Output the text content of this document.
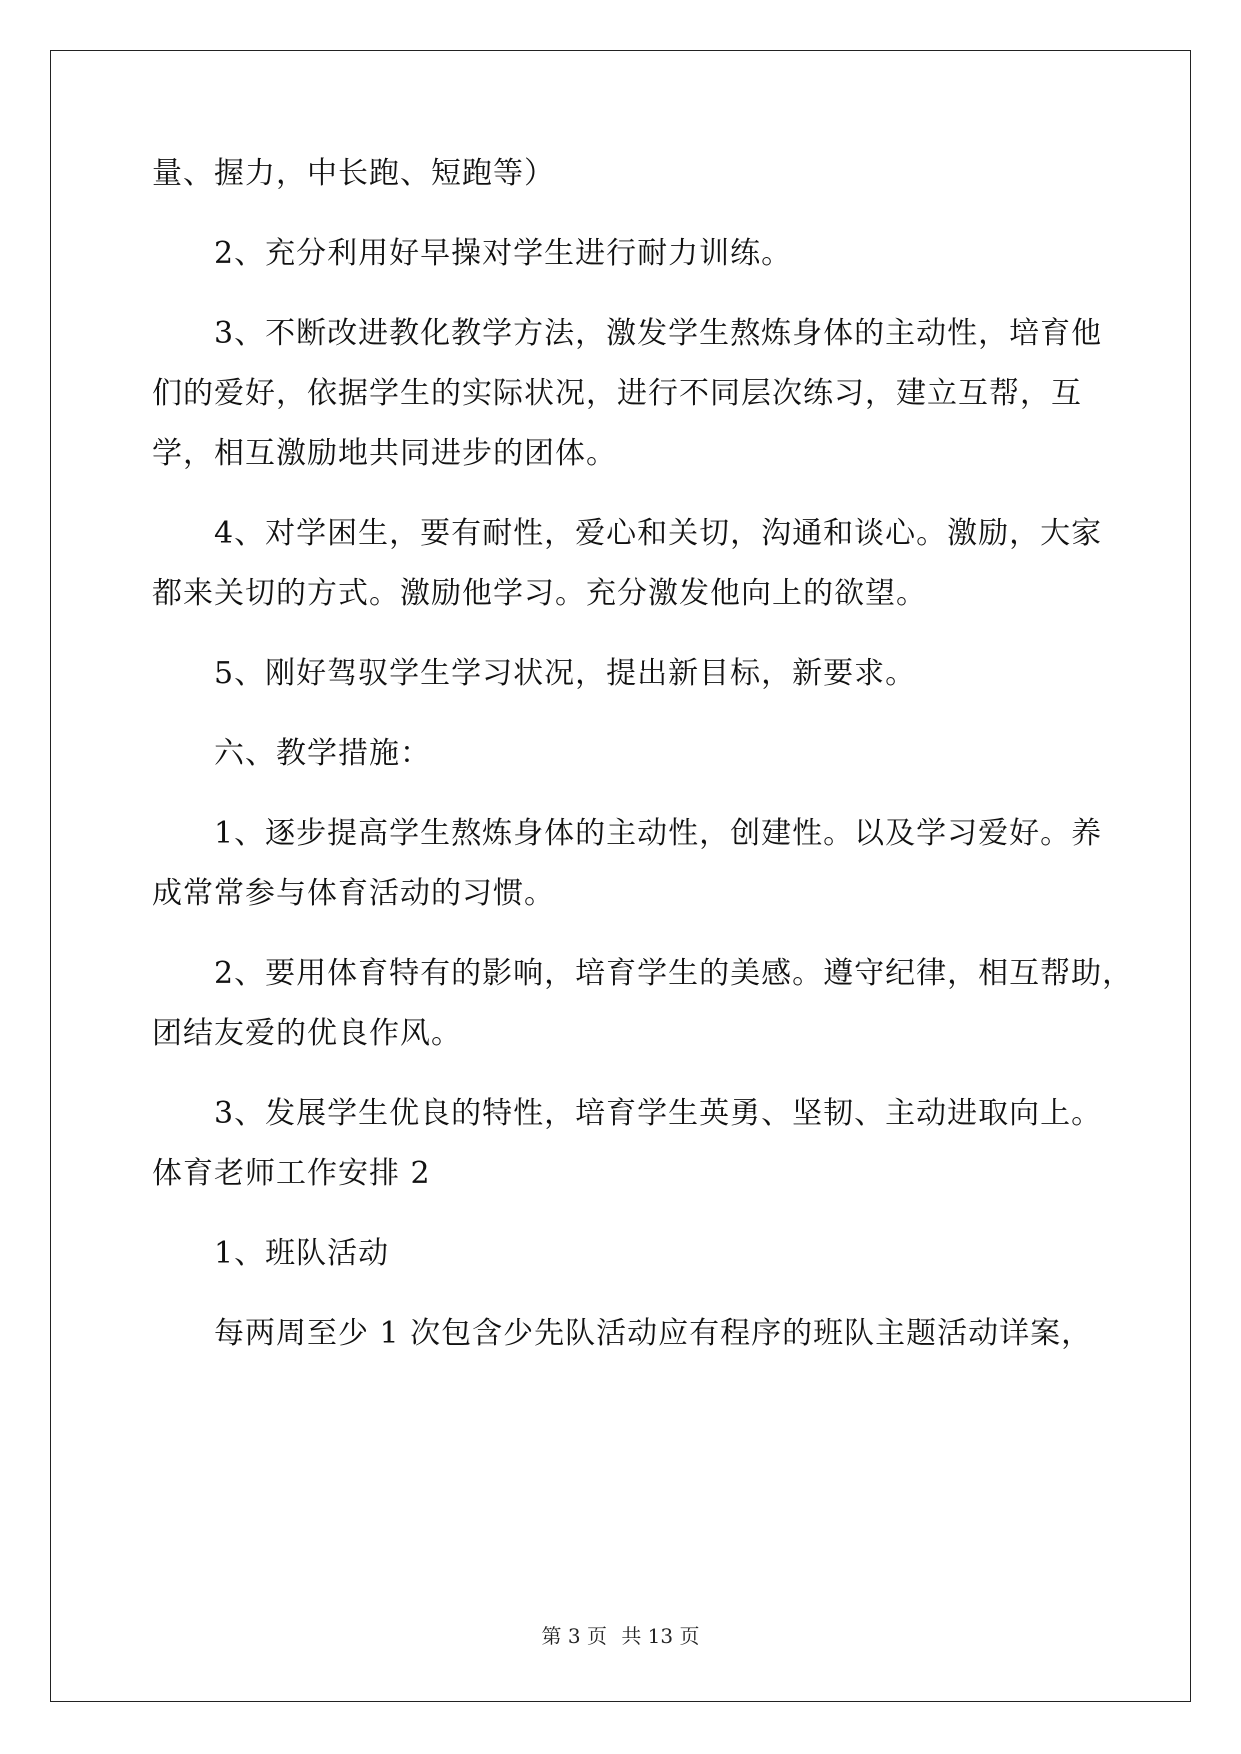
量、握力，中长跑、短跑等）
2、充分利用好早操对学生进行耐力训练。
3、不断改进教化教学方法，激发学生熬炼身体的主动性，培育他
们的爱好，依据学生的实际状况，进行不同层次练习，建立互帮，互
学，相互激励地共同进步的团体。
4、对学困生，要有耐性，爱心和关切，沟通和谈心。激励，大家
都来关切的方式。激励他学习。充分激发他向上的欲望。
5、刚好驾驭学生学习状况，提出新目标，新要求。
六、教学措施：
1、逐步提高学生熬炼身体的主动性，创建性。以及学习爱好。养
成常常参与体育活动的习惯。
2、要用体育特有的影响，培育学生的美感。遵守纪律，相互帮助，
团结友爱的优良作风。
3、发展学生优良的特性，培育学生英勇、坚韧、主动进取向上。
体育老师工作安排 2
1、班队活动
每两周至少 1 次包含少先队活动应有程序的班队主题活动详案，
第 3 页 共 13 页
